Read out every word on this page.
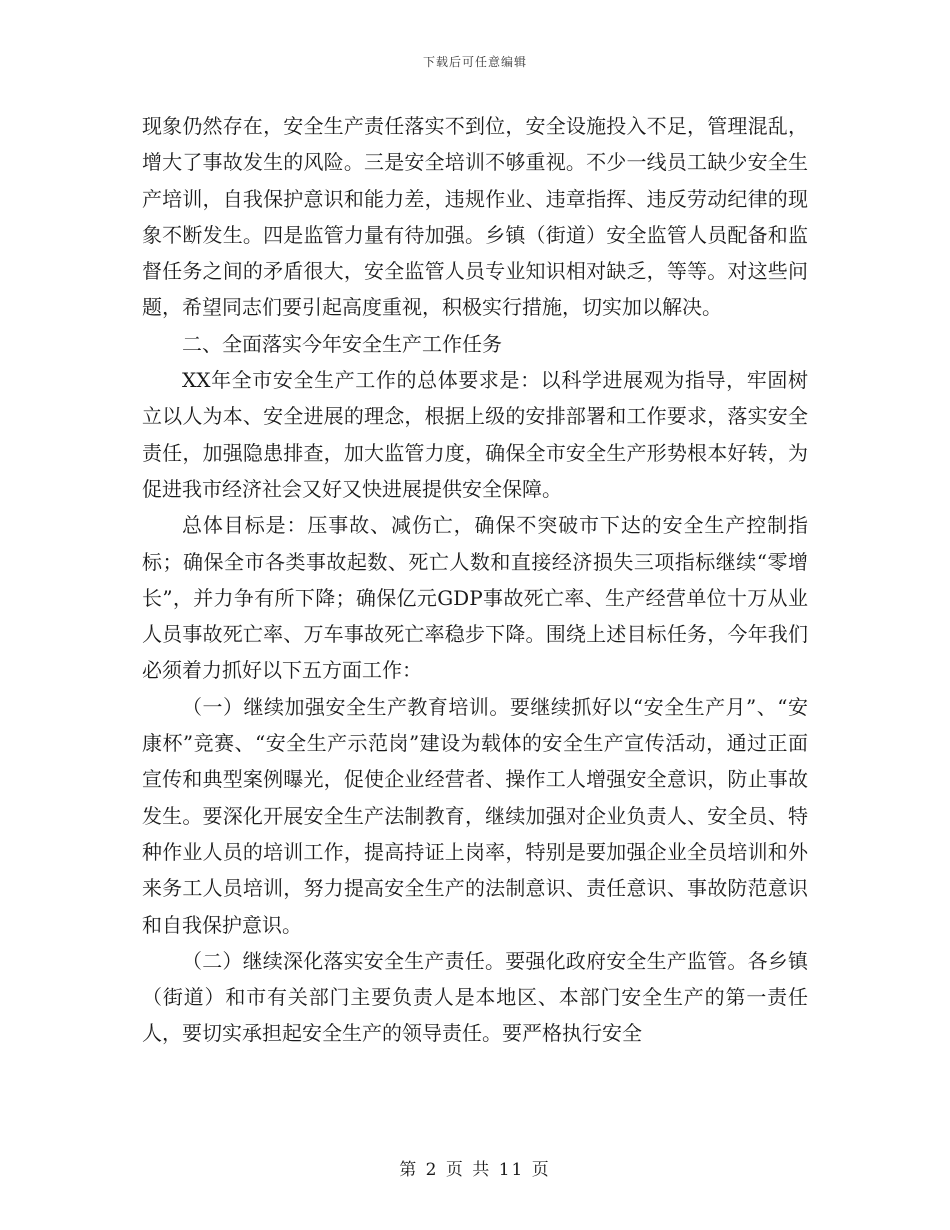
下载后可任意编辑

现象仍然存在，安全生产责任落实不到位，安全设施投入不足，管理混乱，增大了事故发生的风险。三是安全培训不够重视。不少一线员工缺少安全生产培训，自我保护意识和能力差，违规作业、违章指挥、违反劳动纪律的现象不断发生。四是监管力量有待加强。乡镇（街道）安全监管人员配备和监督任务之间的矛盾很大，安全监管人员专业知识相对缺乏，等等。对这些问题，希望同志们要引起高度重视，积极实行措施，切实加以解决。

二、全面落实今年安全生产工作任务

XX年全市安全生产工作的总体要求是：以科学进展观为指导，牢固树立以人为本、安全进展的理念，根据上级的安排部署和工作要求，落实安全责任，加强隐患排查，加大监管力度，确保全市安全生产形势根本好转，为促进我市经济社会又好又快进展提供安全保障。

总体目标是：压事故、减伤亡，确保不突破市下达的安全生产控制指标；确保全市各类事故起数、死亡人数和直接经济损失三项指标继续“零增长”，并力争有所下降；确保亿元GDP事故死亡率、生产经营单位十万从业人员事故死亡率、万车事故死亡率稳步下降。围绕上述目标任务，今年我们必须着力抓好以下五方面工作：

（一）继续加强安全生产教育培训。要继续抓好以“安全生产月”、“安康杯”竞赛、“安全生产示范岗”建设为载体的安全生产宣传活动，通过正面宣传和典型案例曝光，促使企业经营者、操作工人增强安全意识，防止事故发生。要深化开展安全生产法制教育，继续加强对企业负责人、安全员、特种作业人员的培训工作，提高持证上岗率，特别是要加强企业全员培训和外来务工人员培训，努力提高安全生产的法制意识、责任意识、事故防范意识和自我保护意识。

（二）继续深化落实安全生产责任。要强化政府安全生产监管。各乡镇（街道）和市有关部门主要负责人是本地区、本部门安全生产的第一责任人，要切实承担起安全生产的领导责任。要严格执行安全

第 2 页 共 11 页
